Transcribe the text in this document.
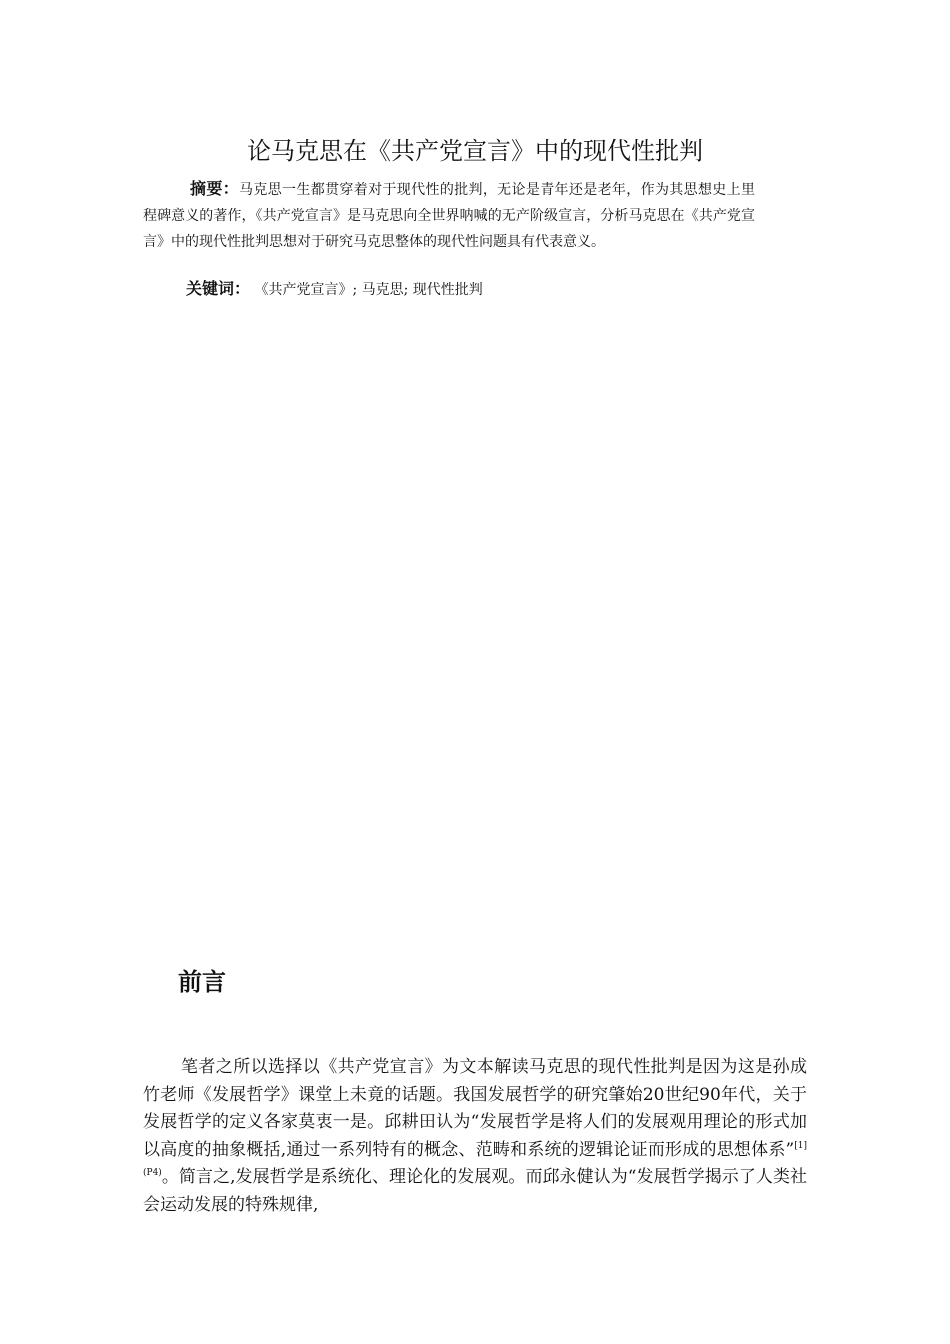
论马克思在《共产党宣言》中的现代性批判

摘要：马克思一生都贯穿着对于现代性的批判，无论是青年还是老年，作为其思想史上里程碑意义的著作，《共产党宣言》是马克思向全世界呐喊的无产阶级宣言，分析马克思在《共产党宣言》中的现代性批判思想对于研究马克思整体的现代性问题具有代表意义。

关键词： 《共产党宣言》; 马克思; 现代性批判

前言

笔者之所以选择以《共产党宣言》为文本解读马克思的现代性批判是因为这是孙成竹老师《发展哲学》课堂上未竟的话题。我国发展哲学的研究肇始20世纪90年代，关于发展哲学的定义各家莫衷一是。邱耕田认为“发展哲学是将人们的发展观用理论的形式加以高度的抽象概括,通过一系列特有的概念、范畴和系统的逻辑论证而形成的思想体系”$^{[1] (P4)}$。简言之,发展哲学是系统化、理论化的发展观。而邱永健认为“发展哲学揭示了人类社会运动发展的特殊规律,
